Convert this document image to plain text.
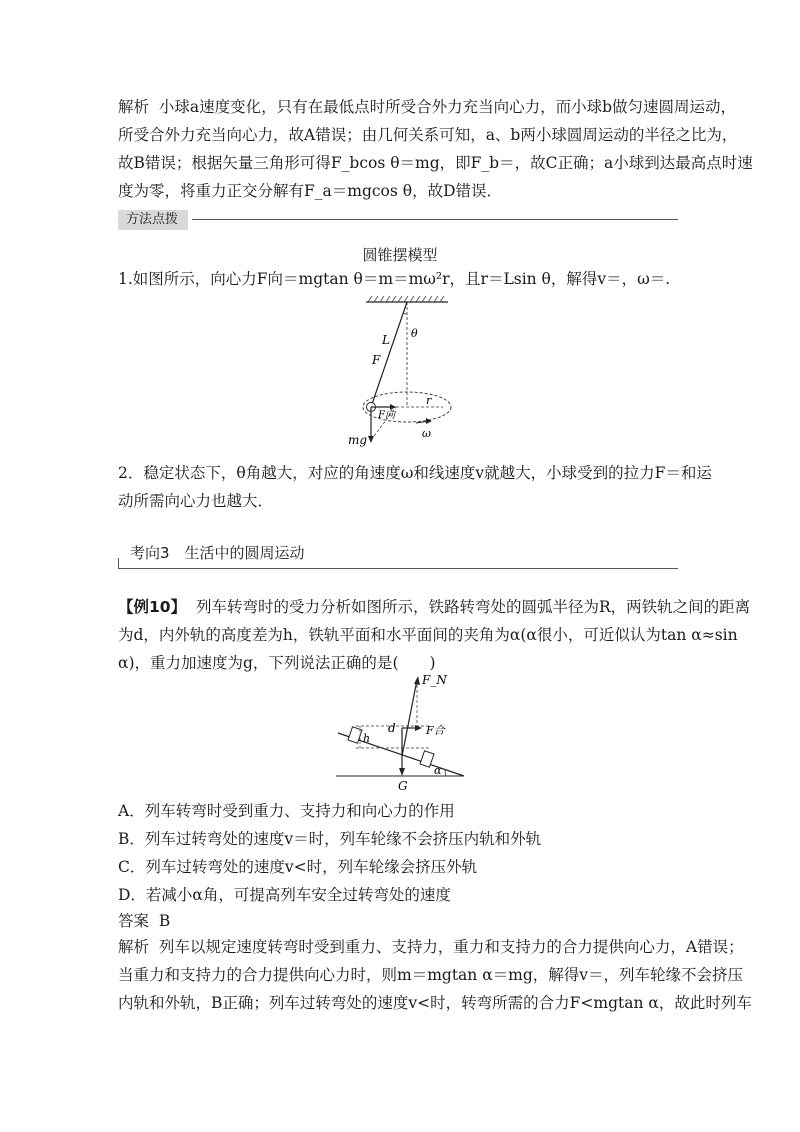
解析 小球a速度变化，只有在最低点时所受合外力充当向心力，而小球b做匀速圆周运动，
所受合外力充当向心力，故A错误；由几何关系可知，a、b两小球圆周运动的半径之比为，
故B错误；根据矢量三角形可得F_bcos θ＝mg，即F_b＝，故C正确；a小球到达最高点时速
度为零，将重力正交分解有F_a＝mgcos θ，故D错误．
方法点拨
圆锥摆模型
1.如图所示，向心力F向＝mgtan θ＝m＝mω²r，且r＝Lsin θ，解得v＝，ω＝.
L θ
F
r
F向
ω
mg
2．稳定状态下，θ角越大，对应的角速度ω和线速度v就越大，小球受到的拉力F＝和运
动所需向心力也越大．
考向3　生活中的圆周运动
【例10】 列车转弯时的受力分析如图所示，铁路转弯处的圆弧半径为R，两铁轨之间的距离
为d，内外轨的高度差为h，铁轨平面和水平面间的夹角为α(α很小，可近似认为tan α≈sin
α)，重力加速度为g，下列说法正确的是(　　)
F_N
F合
d
h
α
G
A．列车转弯时受到重力、支持力和向心力的作用
B．列车过转弯处的速度v＝时，列车轮缘不会挤压内轨和外轨
C．列车过转弯处的速度v<时，列车轮缘会挤压外轨
D．若减小α角，可提高列车安全过转弯处的速度
答案 B
解析 列车以规定速度转弯时受到重力、支持力，重力和支持力的合力提供向心力，A错误；
当重力和支持力的合力提供向心力时，则m＝mgtan α＝mg，解得v＝，列车轮缘不会挤压
内轨和外轨，B正确；列车过转弯处的速度v<时，转弯所需的合力F<mgtan α，故此时列车
